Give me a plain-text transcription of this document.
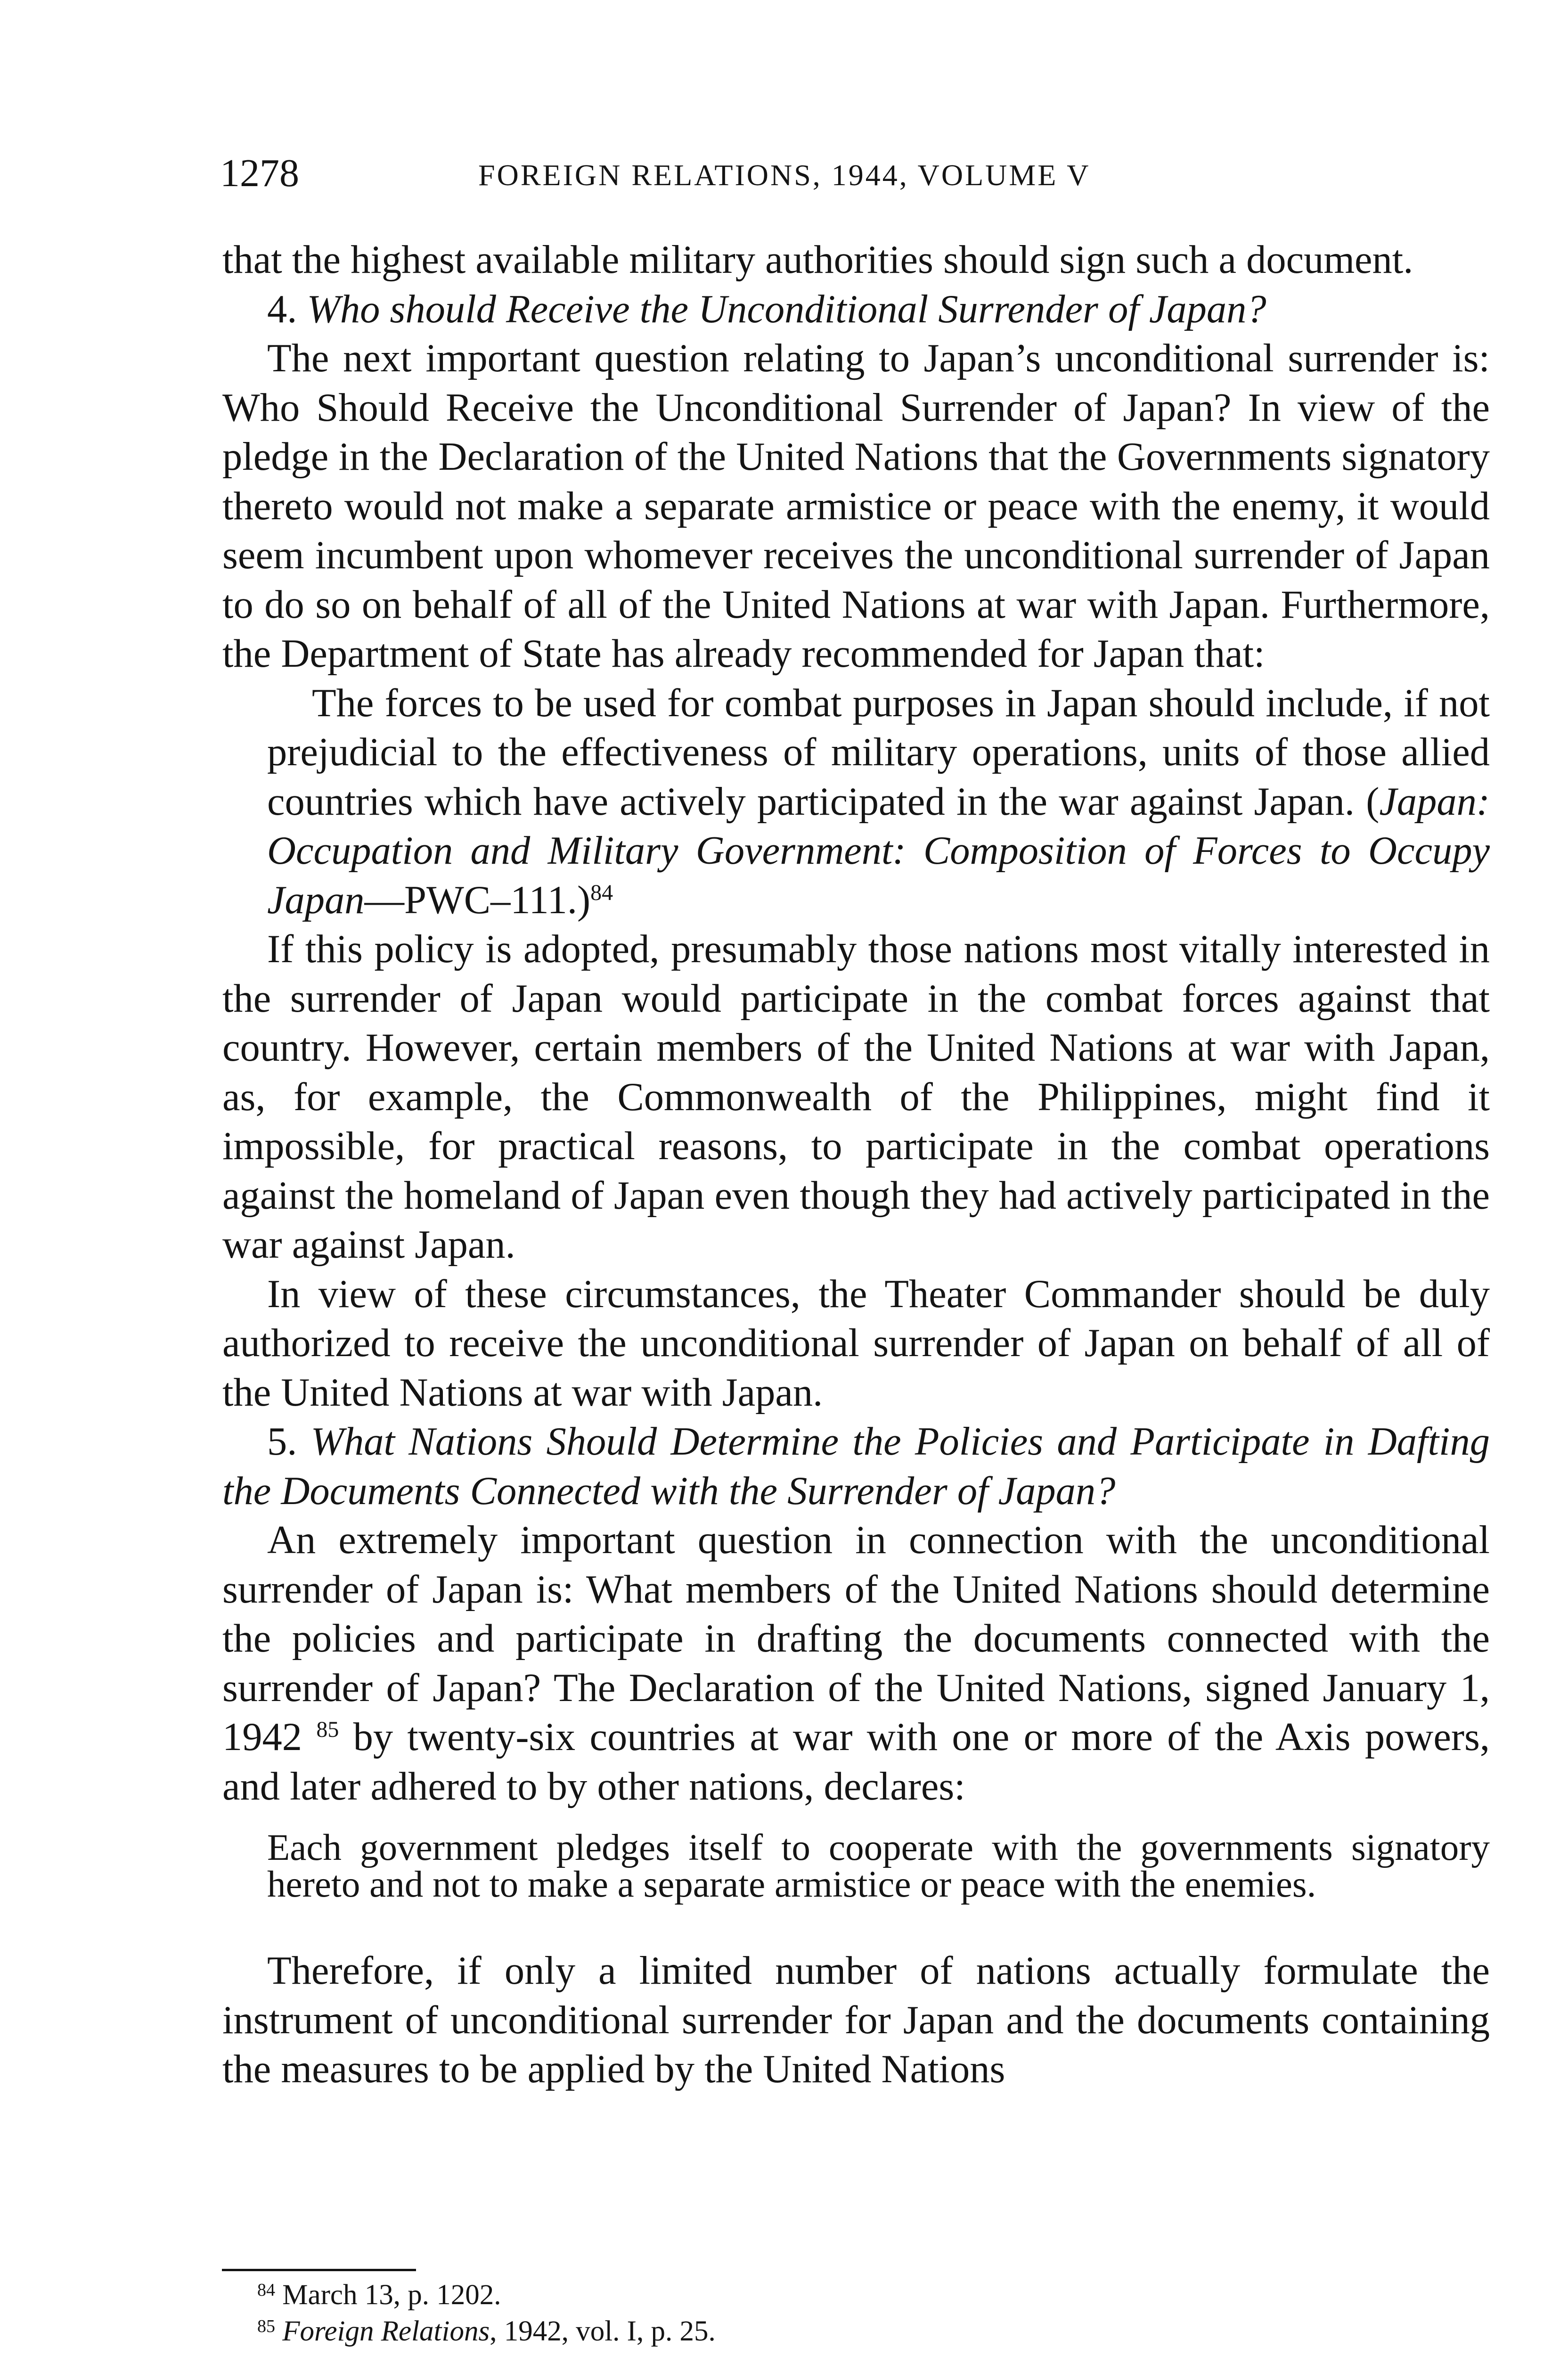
1278	FOREIGN RELATIONS, 1944, VOLUME V

that the highest available military authorities should sign such a document.

4. Who should Receive the Unconditional Surrender of Japan?

The next important question relating to Japan’s unconditional surrender is: Who Should Receive the Unconditional Surrender of Japan? In view of the pledge in the Declaration of the United Nations that the Governments signatory thereto would not make a separate armistice or peace with the enemy, it would seem incumbent upon whomever receives the unconditional surrender of Japan to do so on behalf of all of the United Nations at war with Japan. Furthermore, the Department of State has already recommended for Japan that:

The forces to be used for combat purposes in Japan should include, if not prejudicial to the effectiveness of military operations, units of those allied countries which have actively participated in the war against Japan. (Japan: Occupation and Military Government: Composition of Forces to Occupy Japan—PWC–111.)$^{84}$

If this policy is adopted, presumably those nations most vitally interested in the surrender of Japan would participate in the combat forces against that country. However, certain members of the United Nations at war with Japan, as, for example, the Commonwealth of the Philippines, might find it impossible, for practical reasons, to participate in the combat operations against the homeland of Japan even though they had actively participated in the war against Japan.

In view of these circumstances, the Theater Commander should be duly authorized to receive the unconditional surrender of Japan on behalf of all of the United Nations at war with Japan.

5. What Nations Should Determine the Policies and Participate in Dafting the Documents Connected with the Surrender of Japan?

An extremely important question in connection with the unconditional surrender of Japan is: What members of the United Nations should determine the policies and participate in drafting the documents connected with the surrender of Japan? The Declaration of the United Nations, signed January 1, 1942 $^{85}$ by twenty-six countries at war with one or more of the Axis powers, and later adhered to by other nations, declares:

Each government pledges itself to cooperate with the governments signatory hereto and not to make a separate armistice or peace with the enemies.

Therefore, if only a limited number of nations actually formulate the instrument of unconditional surrender for Japan and the documents containing the measures to be applied by the United Nations

$^{84}$ March 13, p. 1202.

$^{85}$ Foreign Relations, 1942, vol. I, p. 25.
